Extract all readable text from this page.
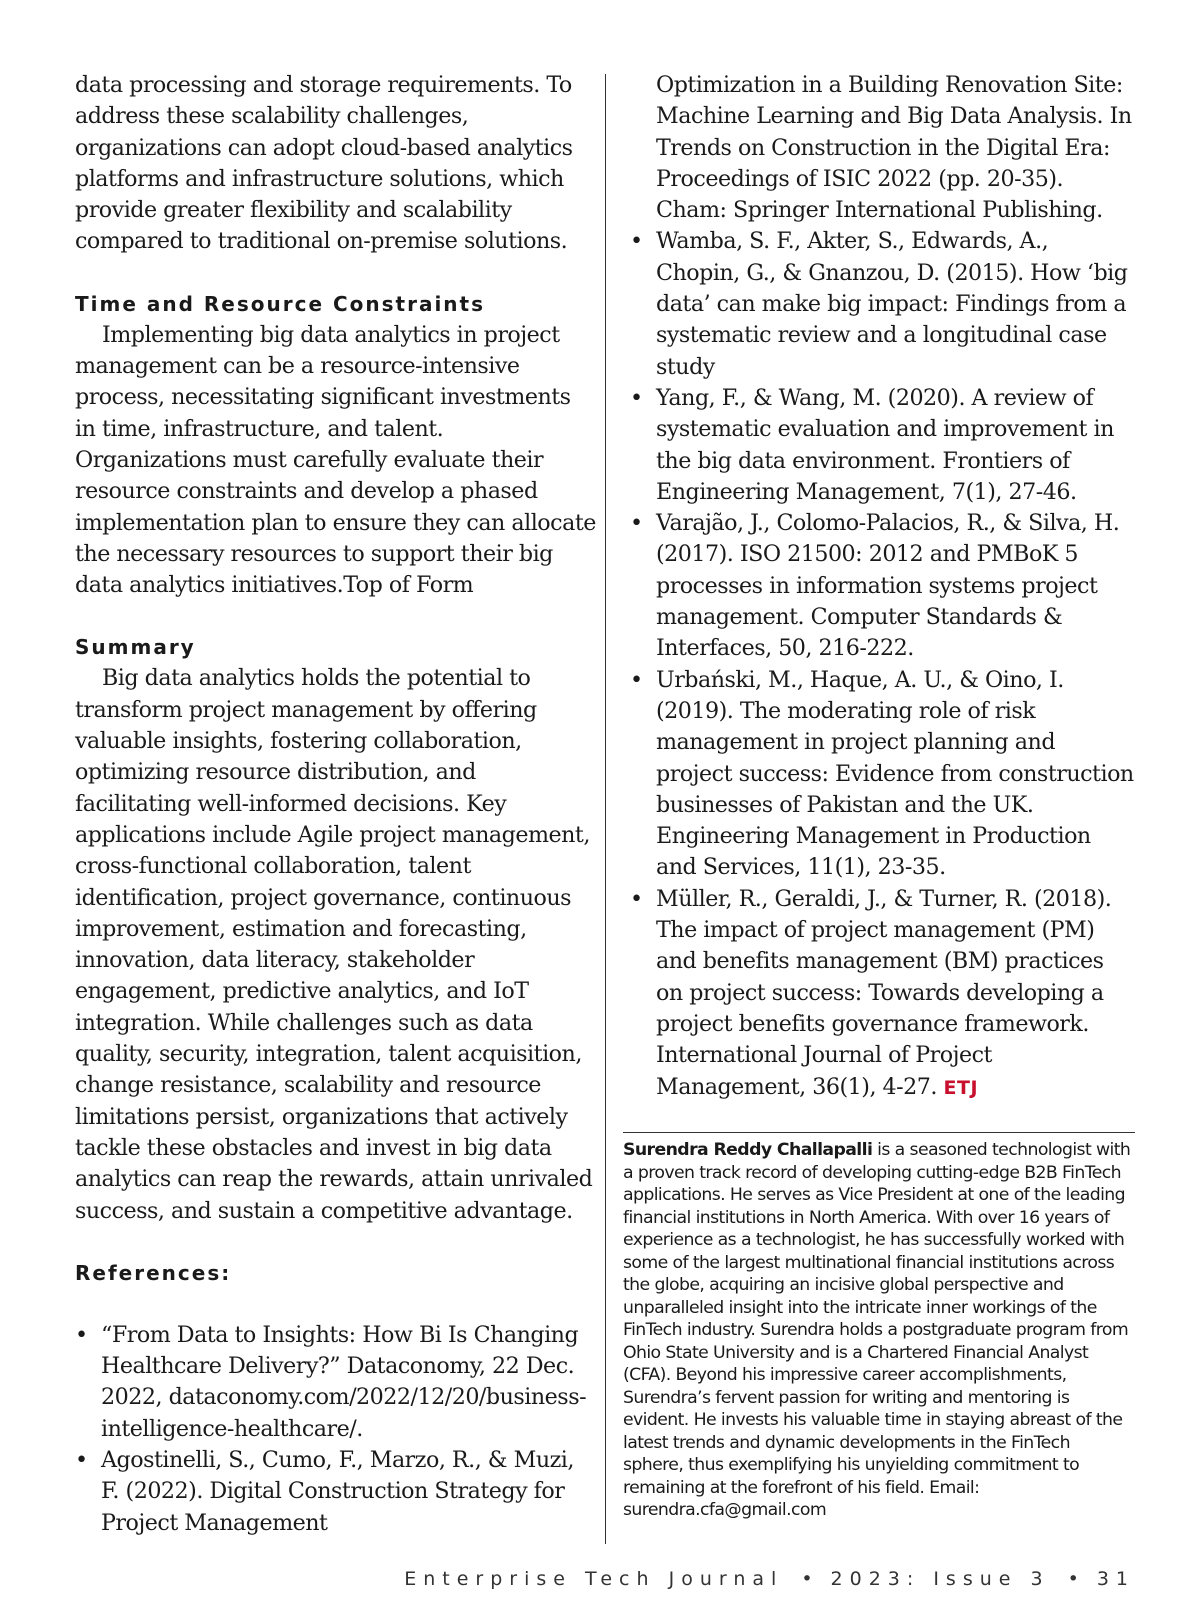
data processing and storage requirements. To address these scalability challenges, organizations can adopt cloud-based analytics platforms and infrastructure solutions, which provide greater flexibility and scalability compared to traditional on-premise solutions.

Time and Resource Constraints

Implementing big data analytics in project management can be a resource-intensive process, necessitating significant investments in time, infrastructure, and talent. Organizations must carefully evaluate their resource constraints and develop a phased implementation plan to ensure they can allocate the necessary resources to support their big data analytics initiatives.Top of Form

Summary

Big data analytics holds the potential to transform project management by offering valuable insights, fostering collaboration, optimizing resource distribution, and facilitating well-informed decisions. Key applications include Agile project management, cross-functional collaboration, talent identification, project governance, continuous improvement, estimation and forecasting, innovation, data literacy, stakeholder engagement, predictive analytics, and IoT integration. While challenges such as data quality, security, integration, talent acquisition, change resistance, scalability and resource limitations persist, organizations that actively tackle these obstacles and invest in big data analytics can reap the rewards, attain unrivaled success, and sustain a competitive advantage.

References:
• “From Data to Insights: How Bi Is Changing Healthcare Delivery?” Dataconomy, 22 Dec. 2022, dataconomy.com/2022/12/20/business-intelligence-healthcare/.
• Agostinelli, S., Cumo, F., Marzo, R., & Muzi, F. (2022). Digital Construction Strategy for Project Management

Optimization in a Building Renovation Site: Machine Learning and Big Data Analysis. In Trends on Construction in the Digital Era: Proceedings of ISIC 2022 (pp. 20-35). Cham: Springer International Publishing.

• Wamba, S. F., Akter, S., Edwards, A., Chopin, G., & Gnanzou, D. (2015). How ‘big data’ can make big impact: Findings from a systematic review and a longitudinal case study
• Yang, F., & Wang, M. (2020). A review of systematic evaluation and improvement in the big data environment. Frontiers of Engineering Management, 7(1), 27-46.
• Varajão, J., Colomo-Palacios, R., & Silva, H. (2017). ISO 21500: 2012 and PMBoK 5 processes in information systems project management. Computer Standards & Interfaces, 50, 216-222.
• Urbański, M., Haque, A. U., & Oino, I. (2019). The moderating role of risk management in project planning and project success: Evidence from construction businesses of Pakistan and the UK. Engineering Management in Production and Services, 11(1), 23-35.
• Müller, R., Geraldi, J., & Turner, R. (2018). The impact of project management (PM) and benefits management (BM) practices on project success: Towards developing a project benefits governance framework. International Journal of Project Management, 36(1), 4-27. ETJ
Surendra Reddy Challapalli is a seasoned technologist with a proven track record of developing cutting-edge B2B FinTech applications. He serves as Vice President at one of the leading financial institutions in North America. With over 16 years of experience as a technologist, he has successfully worked with some of the largest multinational financial institutions across the globe, acquiring an incisive global perspective and unparalleled insight into the intricate inner workings of the FinTech industry. Surendra holds a postgraduate program from Ohio State University and is a Chartered Financial Analyst (CFA). Beyond his impressive career accomplishments, Surendra’s fervent passion for writing and mentoring is evident. He invests his valuable time in staying abreast of the latest trends and dynamic developments in the FinTech sphere, thus exemplifying his unyielding commitment to remaining at the forefront of his field. Email: surendra.cfa@gmail.com
Enterprise Tech Journal • 2023: Issue 3 • 31
